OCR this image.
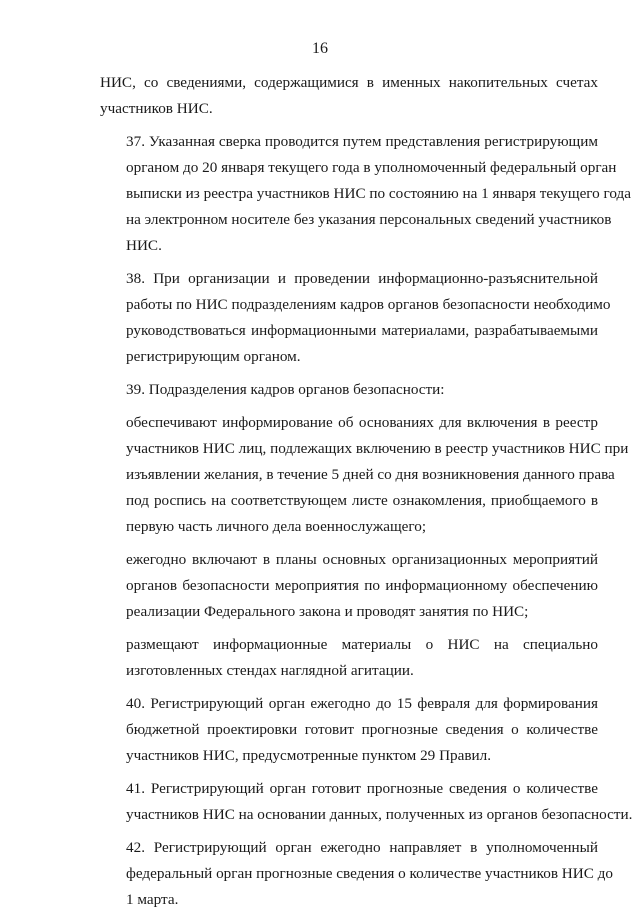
16
НИС, со сведениями, содержащимися в именных накопительных счетах
участников НИС.
37. Указанная сверка проводится путем представления регистрирующим
органом до 20 января текущего года в уполномоченный федеральный орган
выписки из реестра участников НИС по состоянию на 1 января текущего года
на электронном носителе без указания персональных сведений участников
НИС.
38. При организации и проведении информационно-разъяснительной
работы по НИС подразделениям кадров органов безопасности необходимо
руководствоваться информационными материалами, разрабатываемыми
регистрирующим органом.
39. Подразделения кадров органов безопасности:
обеспечивают информирование об основаниях для включения в реестр
участников НИС лиц, подлежащих включению в реестр участников НИС при
изъявлении желания, в течение 5 дней со дня возникновения данного права
под роспись на соответствующем листе ознакомления, приобщаемого в
первую часть личного дела военнослужащего;
ежегодно включают в планы основных организационных мероприятий
органов безопасности мероприятия по информационному обеспечению
реализации Федерального закона и проводят занятия по НИС;
размещают информационные материалы о НИС на специально
изготовленных стендах наглядной агитации.
40. Регистрирующий орган ежегодно до 15 февраля для формирования
бюджетной проектировки готовит прогнозные сведения о количестве
участников НИС, предусмотренные пунктом 29 Правил.
41. Регистрирующий орган готовит прогнозные сведения о количестве
участников НИС на основании данных, полученных из органов безопасности.
42. Регистрирующий орган ежегодно направляет в уполномоченный
федеральный орган прогнозные сведения о количестве участников НИС до
1 марта.
